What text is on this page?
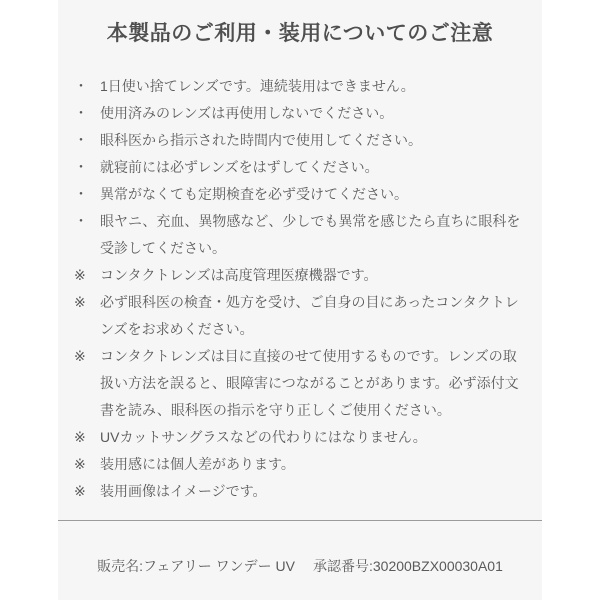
本製品のご利用・装用についてのご注意
・ 1日使い捨てレンズです。連続装用はできません。
・ 使用済みのレンズは再使用しないでください。
・ 眼科医から指示された時間内で使用してください。
・ 就寝前には必ずレンズをはずしてください。
・ 異常がなくても定期検査を必ず受けてください。
・ 眼ヤニ、充血、異物感など、少しでも異常を感じたら直ちに眼科を受診してください。
※	コンタクトレンズは高度管理医療機器です。
※	必ず眼科医の検査・処方を受け、ご自身の目にあったコンタクトレンズをお求めください。
※	コンタクトレンズは目に直接のせて使用するものです。レンズの取扱い方法を誤ると、眼障害につながることがあります。必ず添付文書を読み、眼科医の指示を守り正しくご使用ください。
※	UVカットサングラスなどの代わりにはなりません。
※	装用感には個人差があります。
※	装用画像はイメージです。
販売名:フェアリー ワンデー UV 承認番号:30200BZX00030A01
